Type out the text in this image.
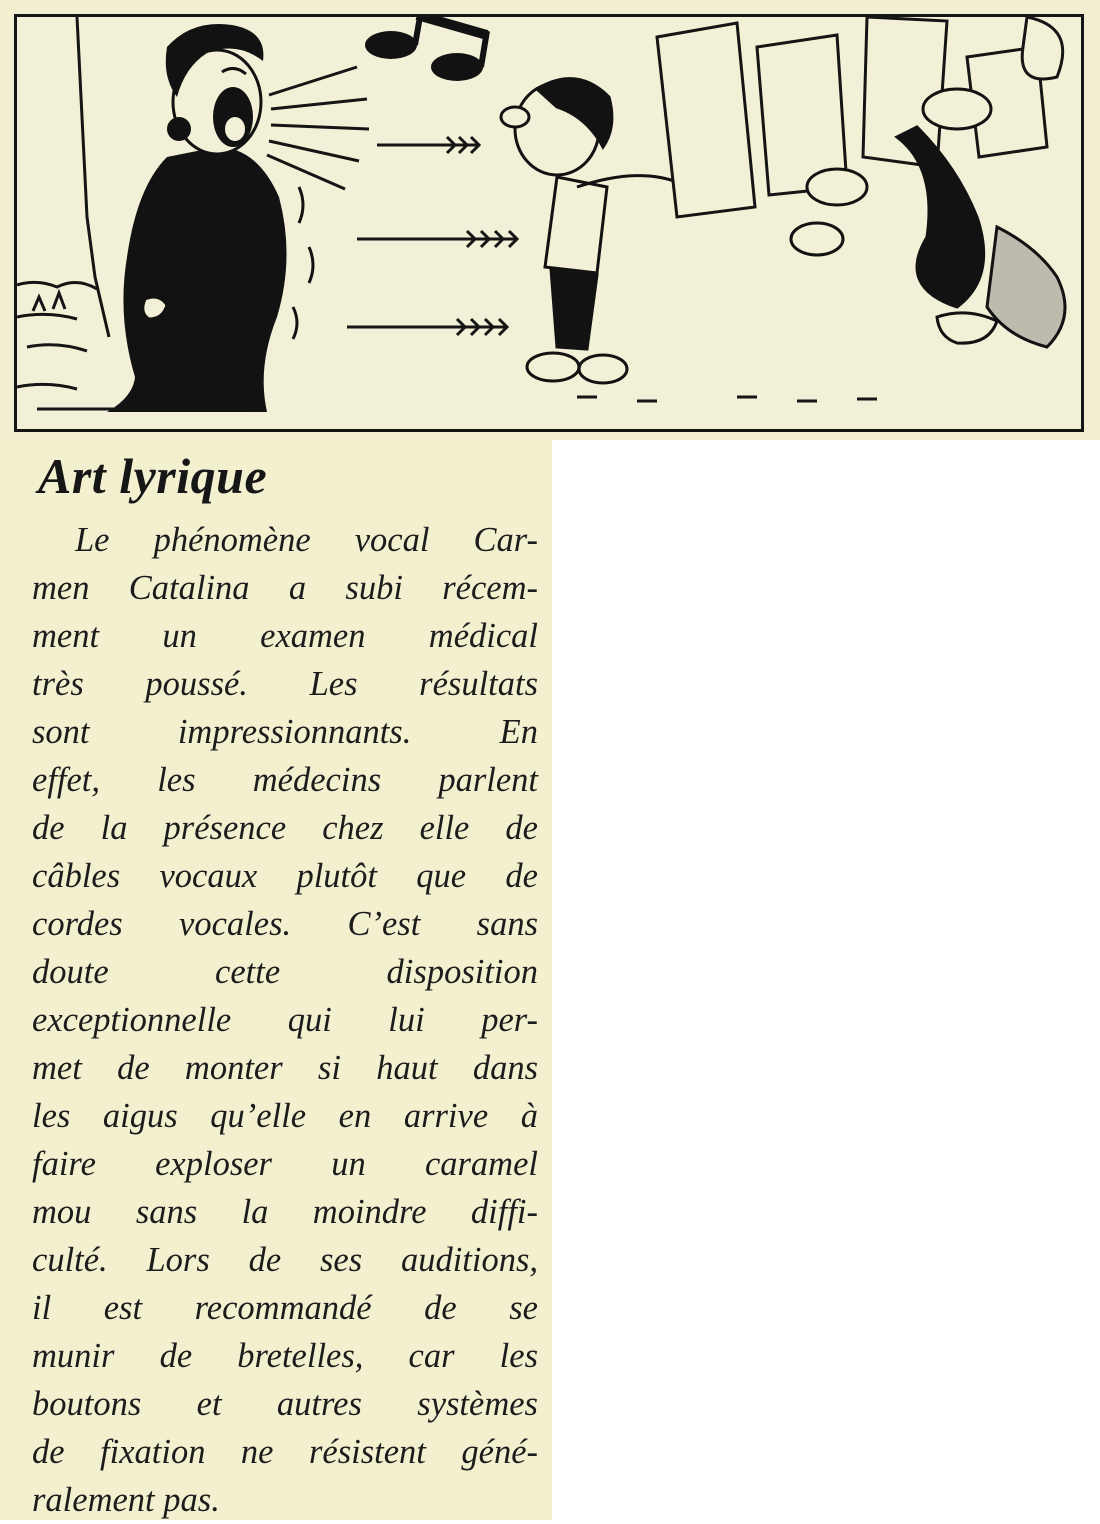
Art lyrique
Le phénomène vocal Car-
men Catalina a subi récem-
ment un examen médical
très poussé. Les résultats
sont impressionnants. En
effet, les médecins parlent
de la présence chez elle de
câbles vocaux plutôt que de
cordes vocales. C’est sans
doute cette disposition
exceptionnelle qui lui per-
met de monter si haut dans
les aigus qu’elle en arrive à
faire exploser un caramel
mou sans la moindre diffi-
culté. Lors de ses auditions,
il est recommandé de se
munir de bretelles, car les
boutons et autres systèmes
de fixation ne résistent géné-
ralement pas.
